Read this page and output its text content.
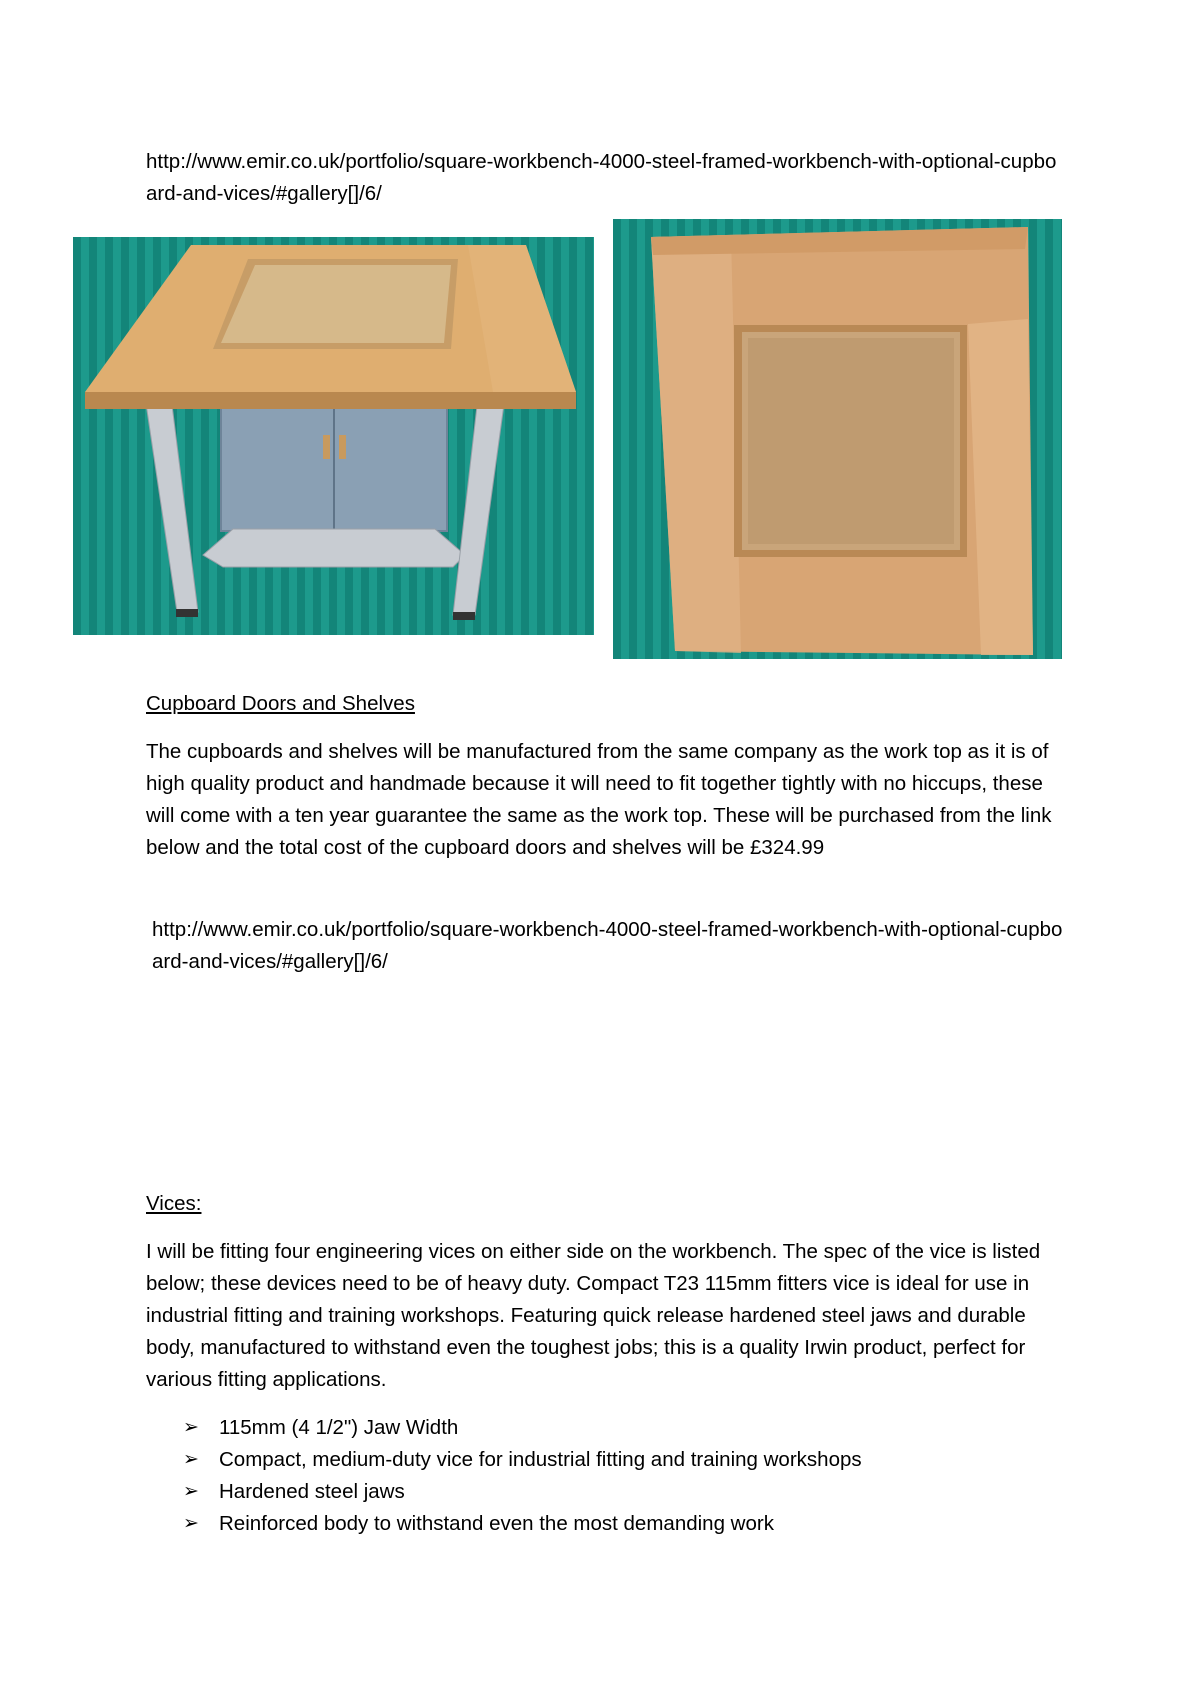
http://www.emir.co.uk/portfolio/square-workbench-4000-steel-framed-workbench-with-optional-cupboard-and-vices/#gallery[]/6/
Cupboard Doors and Shelves
The cupboards and shelves will be manufactured from the same company as the work top as it is of high quality product and handmade because it will need to fit together tightly with no hiccups, these will come with a ten year guarantee the same as the work top. These will be purchased from the link below and the total cost of the cupboard doors and shelves will be £324.99
http://www.emir.co.uk/portfolio/square-workbench-4000-steel-framed-workbench-with-optional-cupboard-and-vices/#gallery[]/6/
Vices:
I will be fitting four engineering vices on either side on the workbench. The spec of the vice is listed below; these devices need to be of heavy duty. Compact T23 115mm fitters vice is ideal for use in industrial fitting and training workshops. Featuring quick release hardened steel jaws and durable body, manufactured to withstand even the toughest jobs; this is a quality Irwin product, perfect for various fitting applications.
➢ 115mm (4 1/2") Jaw Width
➢ Compact, medium-duty vice for industrial fitting and training workshops
➢ Hardened steel jaws
➢ Reinforced body to withstand even the most demanding work
